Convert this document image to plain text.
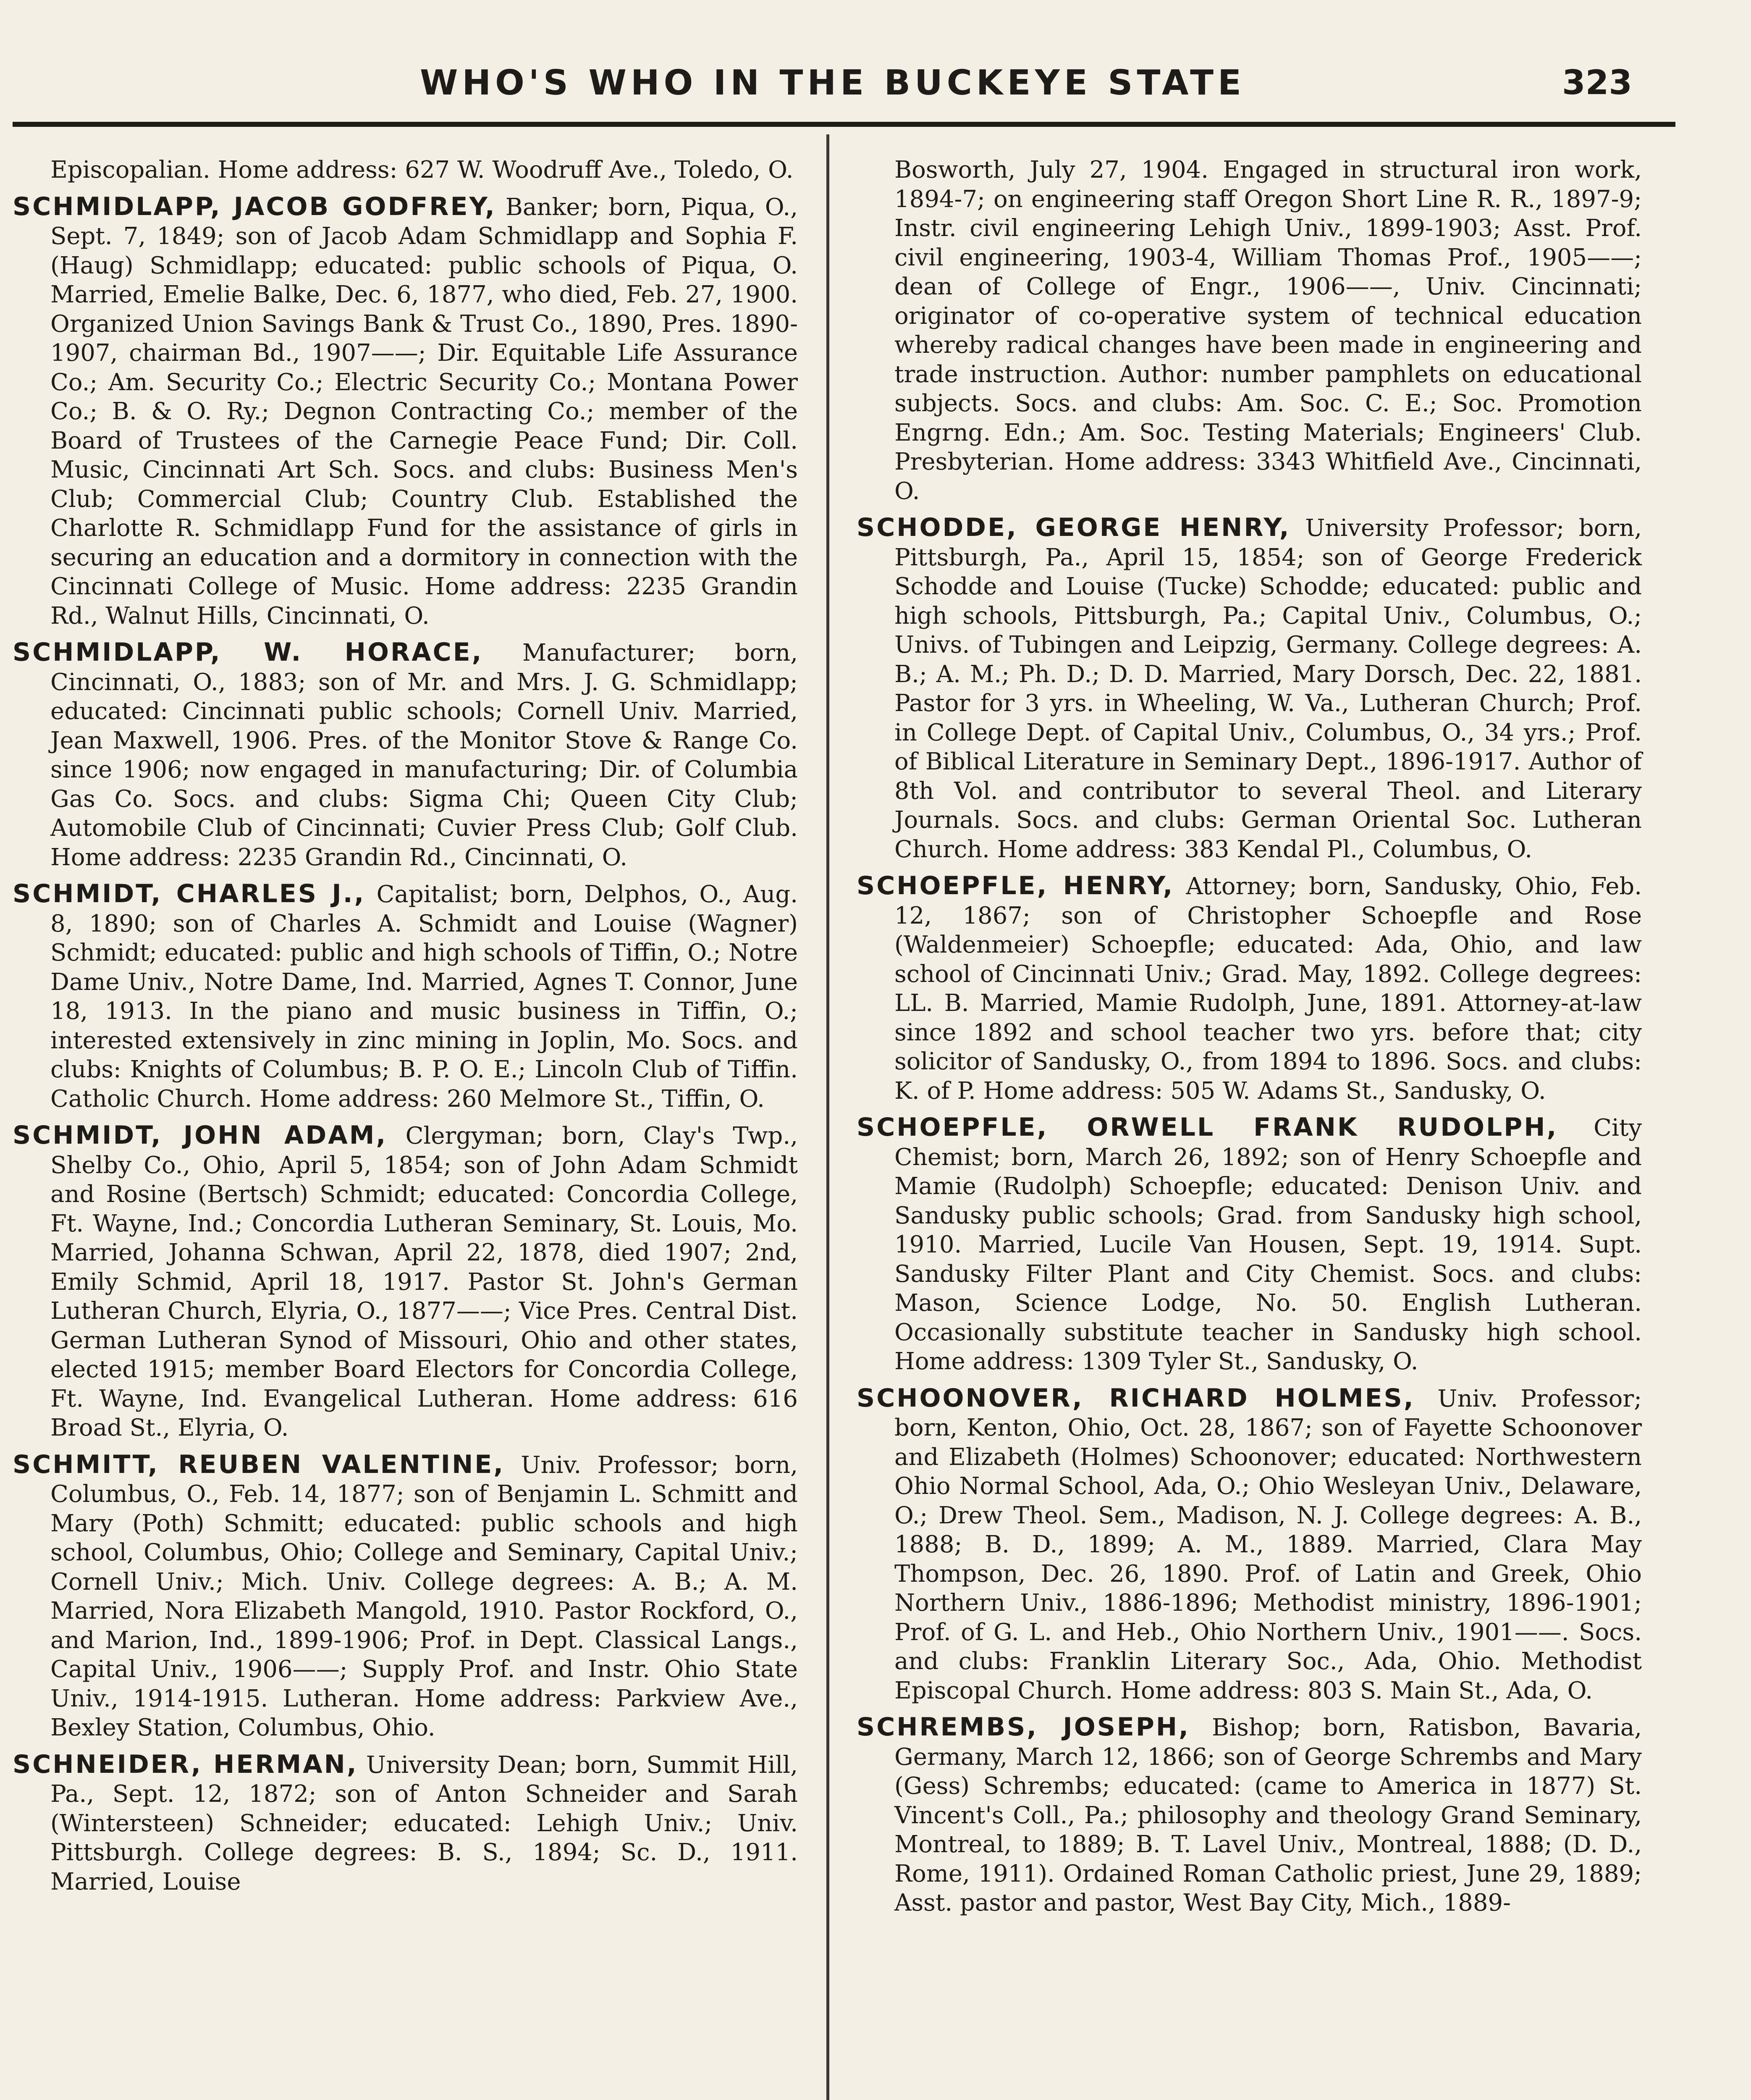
WHO'S WHO IN THE BUCKEYE STATE	323

Episcopalian. Home address: 627 W. Woodruff Ave., Toledo, O.

SCHMIDLAPP, JACOB GODFREY, Banker; born, Piqua, O., Sept. 7, 1849; son of Jacob Adam Schmidlapp and Sophia F. (Haug) Schmidlapp; educated: public schools of Piqua, O. Married, Emelie Balke, Dec. 6, 1877, who died, Feb. 27, 1900. Organized Union Savings Bank & Trust Co., 1890, Pres. 1890-1907, chairman Bd., 1907——; Dir. Equitable Life Assurance Co.; Am. Security Co.; Electric Security Co.; Montana Power Co.; B. & O. Ry.; Degnon Contracting Co.; member of the Board of Trustees of the Carnegie Peace Fund; Dir. Coll. Music, Cincinnati Art Sch. Socs. and clubs: Business Men's Club; Commercial Club; Country Club. Established the Charlotte R. Schmidlapp Fund for the assistance of girls in securing an education and a dormitory in connection with the Cincinnati College of Music. Home address: 2235 Grandin Rd., Walnut Hills, Cincinnati, O.

SCHMIDLAPP, W. HORACE, Manufacturer; born, Cincinnati, O., 1883; son of Mr. and Mrs. J. G. Schmidlapp; educated: Cincinnati public schools; Cornell Univ. Married, Jean Maxwell, 1906. Pres. of the Monitor Stove & Range Co. since 1906; now engaged in manufacturing; Dir. of Columbia Gas Co. Socs. and clubs: Sigma Chi; Queen City Club; Automobile Club of Cincinnati; Cuvier Press Club; Golf Club. Home address: 2235 Grandin Rd., Cincinnati, O.

SCHMIDT, CHARLES J., Capitalist; born, Delphos, O., Aug. 8, 1890; son of Charles A. Schmidt and Louise (Wagner) Schmidt; educated: public and high schools of Tiffin, O.; Notre Dame Univ., Notre Dame, Ind. Married, Agnes T. Connor, June 18, 1913. In the piano and music business in Tiffin, O.; interested extensively in zinc mining in Joplin, Mo. Socs. and clubs: Knights of Columbus; B. P. O. E.; Lincoln Club of Tiffin. Catholic Church. Home address: 260 Melmore St., Tiffin, O.

SCHMIDT, JOHN ADAM, Clergyman; born, Clay's Twp., Shelby Co., Ohio, April 5, 1854; son of John Adam Schmidt and Rosine (Bertsch) Schmidt; educated: Concordia College, Ft. Wayne, Ind.; Concordia Lutheran Seminary, St. Louis, Mo. Married, Johanna Schwan, April 22, 1878, died 1907; 2nd, Emily Schmid, April 18, 1917. Pastor St. John's German Lutheran Church, Elyria, O., 1877——; Vice Pres. Central Dist. German Lutheran Synod of Missouri, Ohio and other states, elected 1915; member Board Electors for Concordia College, Ft. Wayne, Ind. Evangelical Lutheran. Home address: 616 Broad St., Elyria, O.

SCHMITT, REUBEN VALENTINE, Univ. Professor; born, Columbus, O., Feb. 14, 1877; son of Benjamin L. Schmitt and Mary (Poth) Schmitt; educated: public schools and high school, Columbus, Ohio; College and Seminary, Capital Univ.; Cornell Univ.; Mich. Univ. College degrees: A. B.; A. M. Married, Nora Elizabeth Mangold, 1910. Pastor Rockford, O., and Marion, Ind., 1899-1906; Prof. in Dept. Classical Langs., Capital Univ., 1906——; Supply Prof. and Instr. Ohio State Univ., 1914-1915. Lutheran. Home address: Parkview Ave., Bexley Station, Columbus, Ohio.

SCHNEIDER, HERMAN, University Dean; born, Summit Hill, Pa., Sept. 12, 1872; son of Anton Schneider and Sarah (Wintersteen) Schneider; educated: Lehigh Univ.; Univ. Pittsburgh. College degrees: B. S., 1894; Sc. D., 1911. Married, Louise

Bosworth, July 27, 1904. Engaged in structural iron work, 1894-7; on engineering staff Oregon Short Line R. R., 1897-9; Instr. civil engineering Lehigh Univ., 1899-1903; Asst. Prof. civil engineering, 1903-4, William Thomas Prof., 1905——; dean of College of Engr., 1906——, Univ. Cincinnati; originator of co-operative system of technical education whereby radical changes have been made in engineering and trade instruction. Author: number pamphlets on educational subjects. Socs. and clubs: Am. Soc. C. E.; Soc. Promotion Engrng. Edn.; Am. Soc. Testing Materials; Engineers' Club. Presbyterian. Home address: 3343 Whitfield Ave., Cincinnati, O.

SCHODDE, GEORGE HENRY, University Professor; born, Pittsburgh, Pa., April 15, 1854; son of George Frederick Schodde and Louise (Tucke) Schodde; educated: public and high schools, Pittsburgh, Pa.; Capital Univ., Columbus, O.; Univs. of Tubingen and Leipzig, Germany. College degrees: A. B.; A. M.; Ph. D.; D. D. Married, Mary Dorsch, Dec. 22, 1881. Pastor for 3 yrs. in Wheeling, W. Va., Lutheran Church; Prof. in College Dept. of Capital Univ., Columbus, O., 34 yrs.; Prof. of Biblical Literature in Seminary Dept., 1896-1917. Author of 8th Vol. and contributor to several Theol. and Literary Journals. Socs. and clubs: German Oriental Soc. Lutheran Church. Home address: 383 Kendal Pl., Columbus, O.

SCHOEPFLE, HENRY, Attorney; born, Sandusky, Ohio, Feb. 12, 1867; son of Christopher Schoepfle and Rose (Waldenmeier) Schoepfle; educated: Ada, Ohio, and law school of Cincinnati Univ.; Grad. May, 1892. College degrees: LL. B. Married, Mamie Rudolph, June, 1891. Attorney-at-law since 1892 and school teacher two yrs. before that; city solicitor of Sandusky, O., from 1894 to 1896. Socs. and clubs: K. of P. Home address: 505 W. Adams St., Sandusky, O.

SCHOEPFLE, ORWELL FRANK RUDOLPH, City Chemist; born, March 26, 1892; son of Henry Schoepfle and Mamie (Rudolph) Schoepfle; educated: Denison Univ. and Sandusky public schools; Grad. from Sandusky high school, 1910. Married, Lucile Van Housen, Sept. 19, 1914. Supt. Sandusky Filter Plant and City Chemist. Socs. and clubs: Mason, Science Lodge, No. 50. English Lutheran. Occasionally substitute teacher in Sandusky high school. Home address: 1309 Tyler St., Sandusky, O.

SCHOONOVER, RICHARD HOLMES, Univ. Professor; born, Kenton, Ohio, Oct. 28, 1867; son of Fayette Schoonover and Elizabeth (Holmes) Schoonover; educated: Northwestern Ohio Normal School, Ada, O.; Ohio Wesleyan Univ., Delaware, O.; Drew Theol. Sem., Madison, N. J. College degrees: A. B., 1888; B. D., 1899; A. M., 1889. Married, Clara May Thompson, Dec. 26, 1890. Prof. of Latin and Greek, Ohio Northern Univ., 1886-1896; Methodist ministry, 1896-1901; Prof. of G. L. and Heb., Ohio Northern Univ., 1901——. Socs. and clubs: Franklin Literary Soc., Ada, Ohio. Methodist Episcopal Church. Home address: 803 S. Main St., Ada, O.

SCHREMBS, JOSEPH, Bishop; born, Ratisbon, Bavaria, Germany, March 12, 1866; son of George Schrembs and Mary (Gess) Schrembs; educated: (came to America in 1877) St. Vincent's Coll., Pa.; philosophy and theology Grand Seminary, Montreal, to 1889; B. T. Lavel Univ., Montreal, 1888; (D. D., Rome, 1911). Ordained Roman Catholic priest, June 29, 1889; Asst. pastor and pastor, West Bay City, Mich., 1889-
